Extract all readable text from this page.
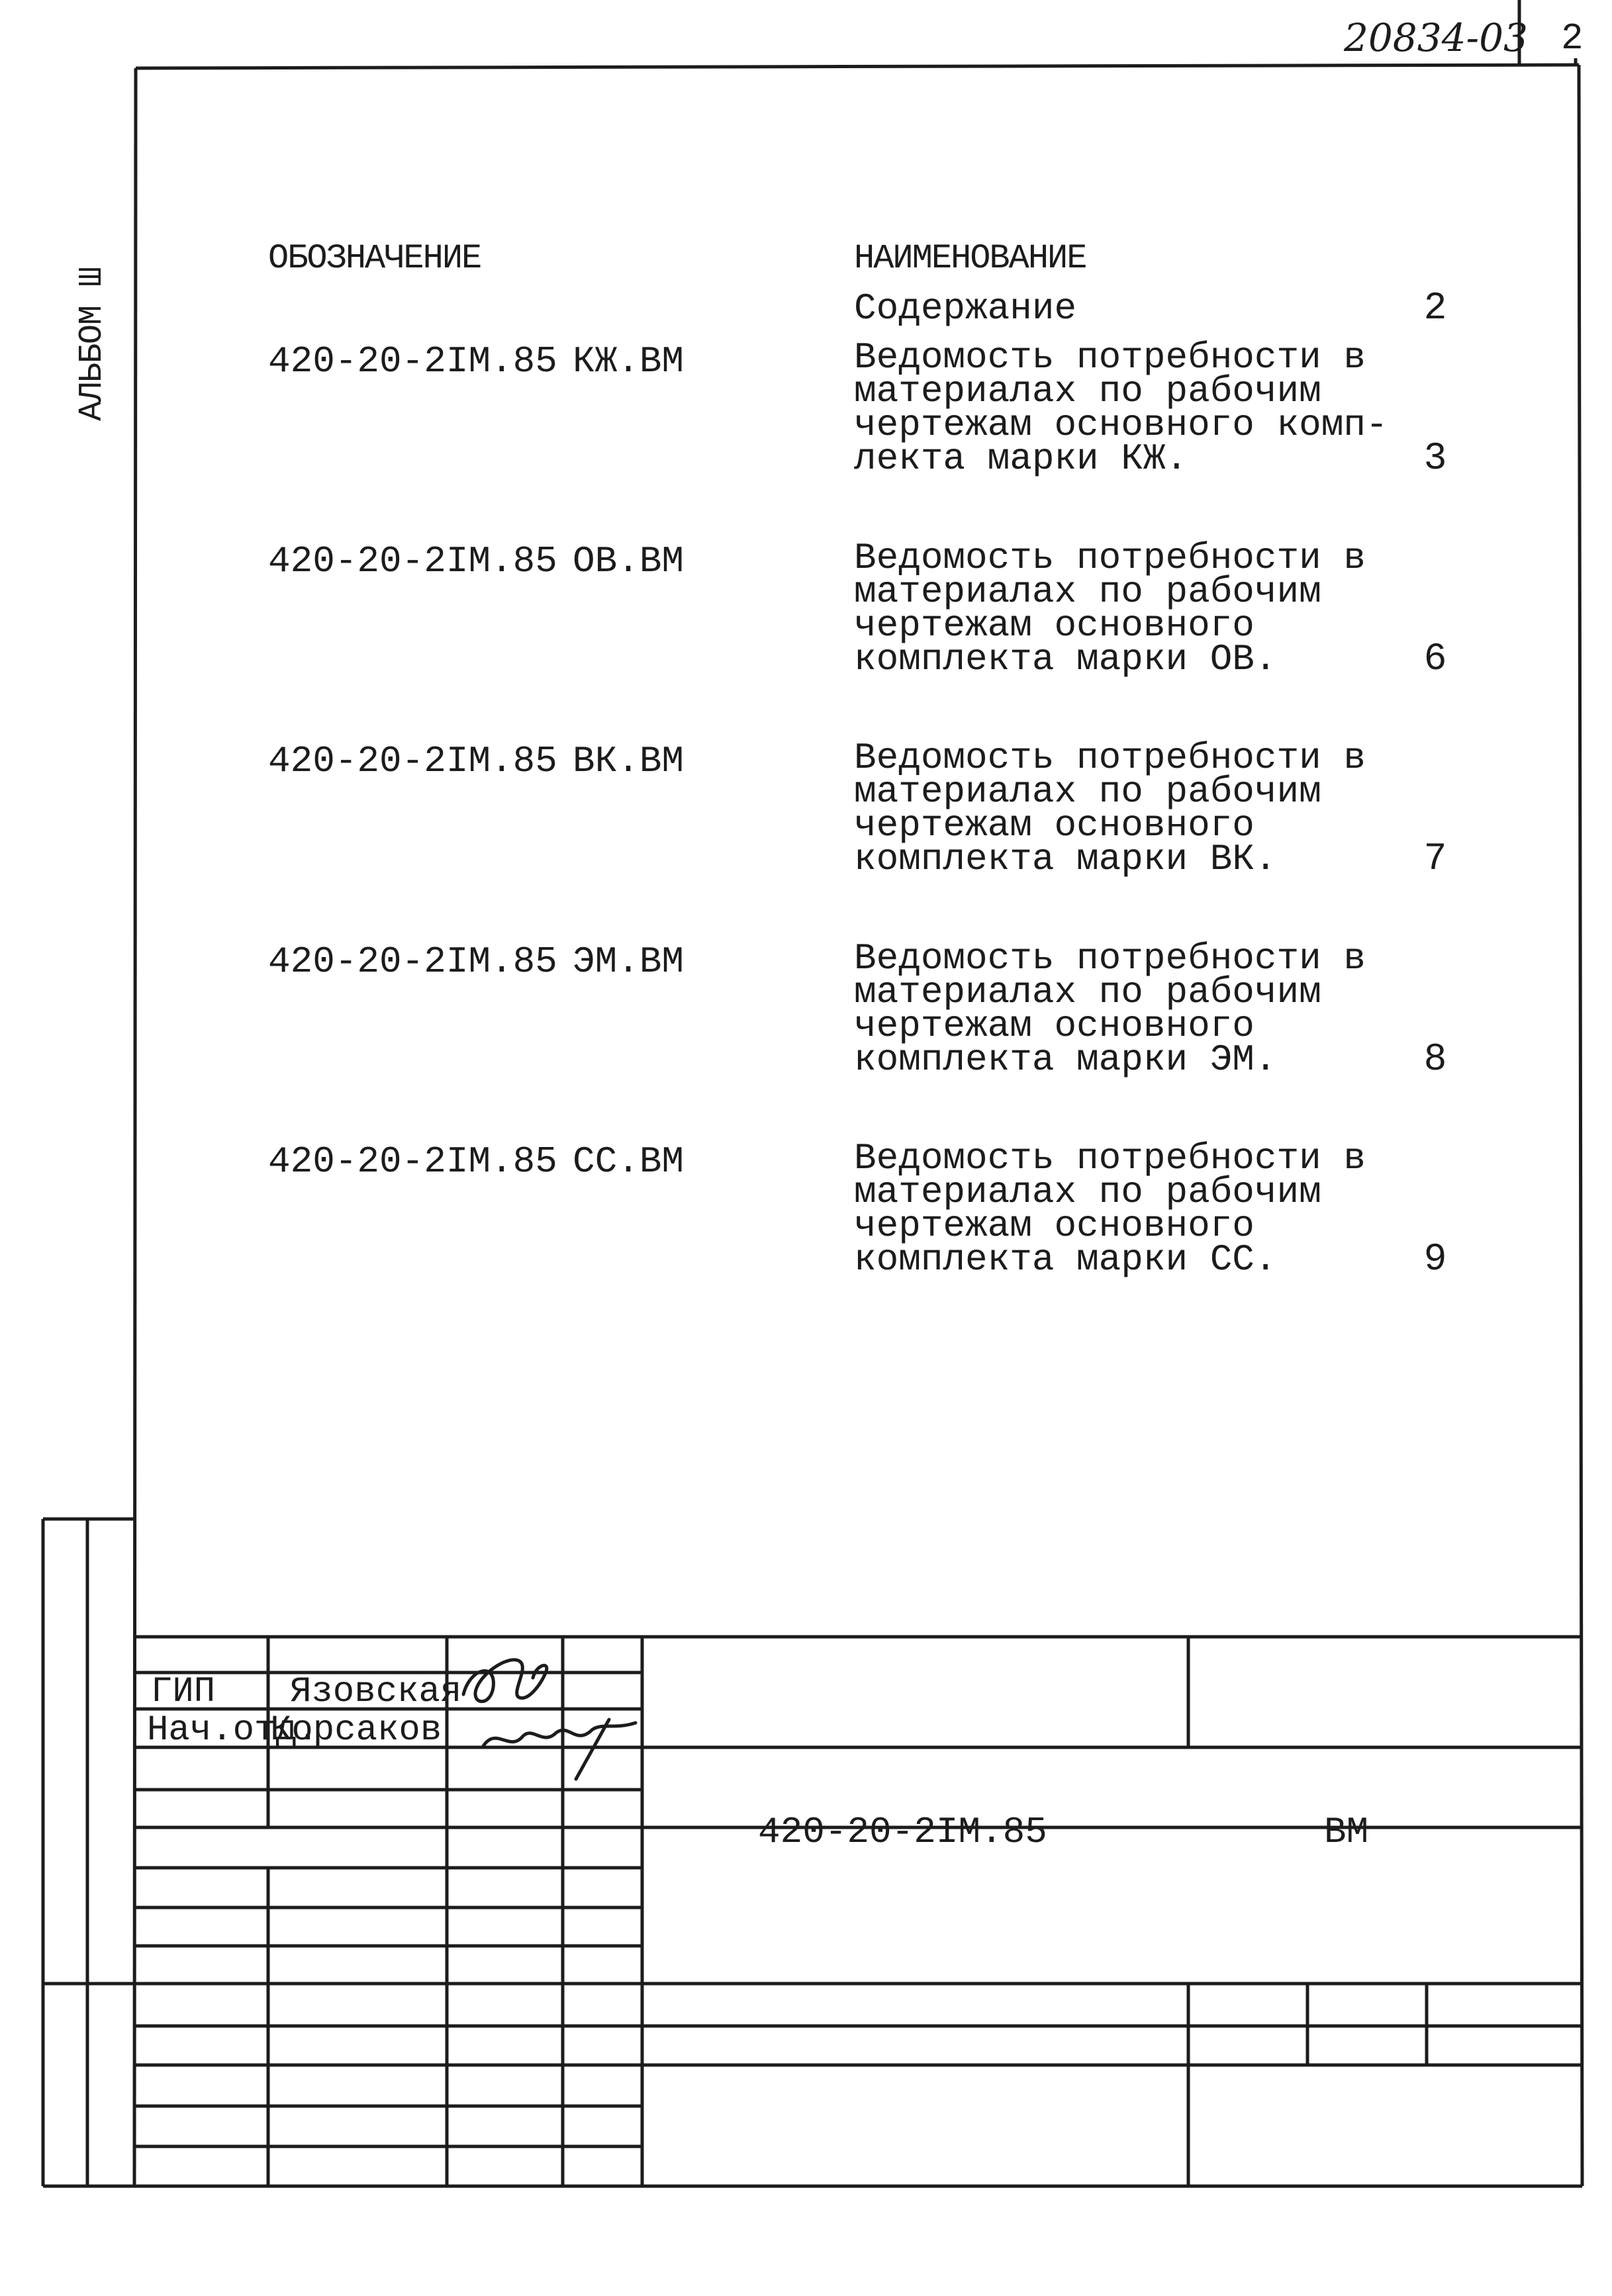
20834-03 2
АЛЬБОМ Ш
ОБОЗНАЧЕНИЕ	НАИМЕНОВАНИЕ
Содержание	2
420-20-2IМ.85 КЖ.ВМ	Ведомость потребности в
материалах по рабочим
чертежам основного комп-
лекта марки КЖ.	3
420-20-2IМ.85 ОВ.ВМ	Ведомость потребности в
материалах по рабочим
чертежам основного
комплекта марки ОВ.	6
420-20-2IМ.85 ВК.ВМ	Ведомость потребности в
материалах по рабочим
чертежам основного
комплекта марки ВК.	7
420-20-2IМ.85 ЭМ.ВМ	Ведомость потребности в
материалах по рабочим
чертежам основного
комплекта марки ЭМ.	8
420-20-2IМ.85 СС.ВМ	Ведомость потребности в
материалах по рабочим
чертежам основного
комплекта марки СС.	9
ГИП Язовская
Нач.отд.
Корсаков
420-20-2IМ.85	ВМ
